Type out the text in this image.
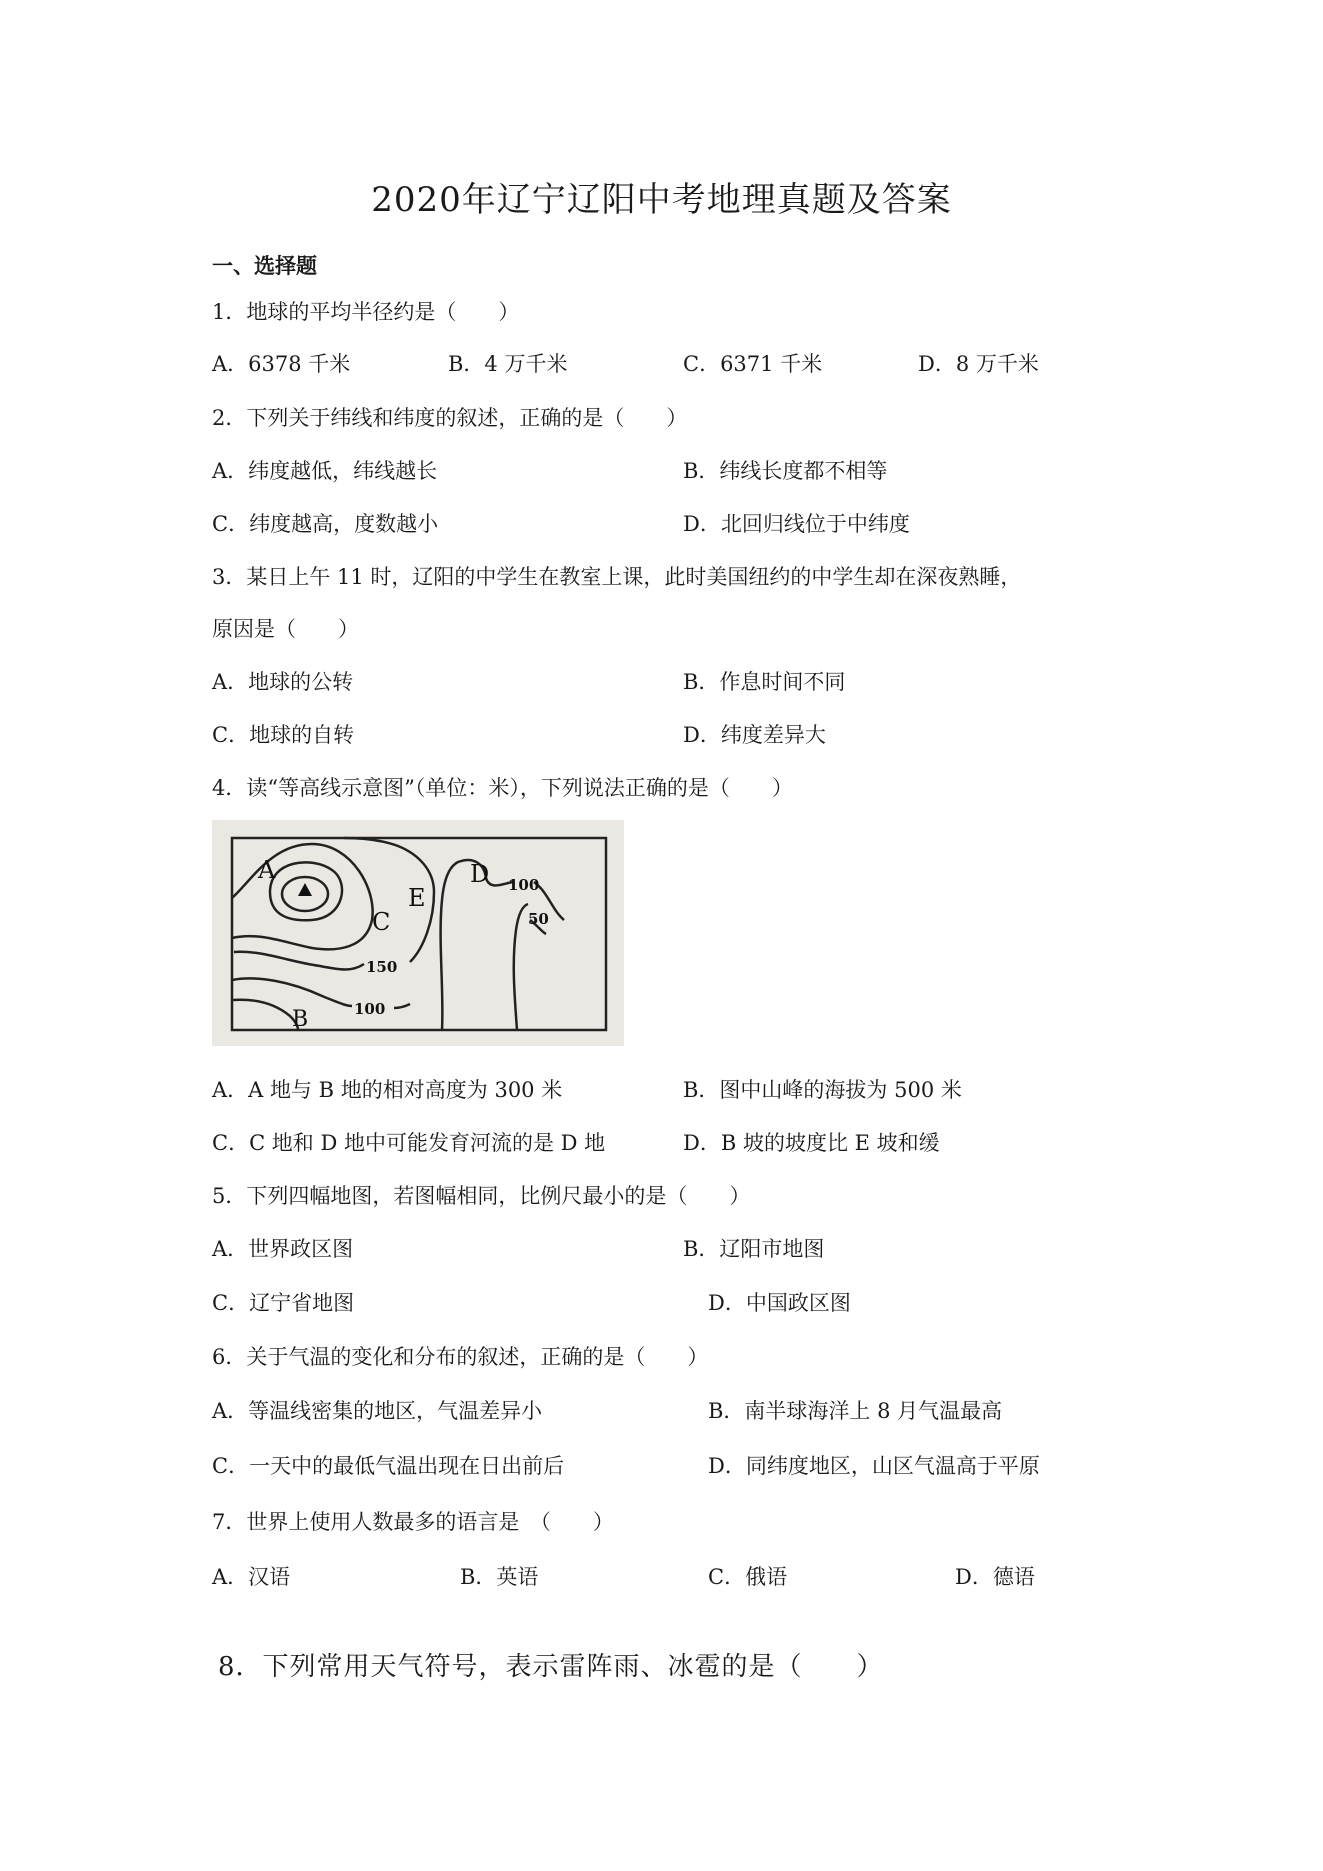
2020年辽宁辽阳中考地理真题及答案
一、选择题
1．地球的平均半径约是（　　）
A．6378 千米	B．4 万千米	C．6371 千米	D．8 万千米
2．下列关于纬线和纬度的叙述，正确的是（　　）
A．纬度越低，纬线越长	B．纬线长度都不相等
C．纬度越高，度数越小	D．北回归线位于中纬度
3．某日上午 11 时，辽阳的中学生在教室上课，此时美国纽约的中学生却在深夜熟睡，
原因是（　　）
A．地球的公转	B．作息时间不同
C．地球的自转	D．纬度差异大
4．读“等高线示意图”（单位：米），下列说法正确的是（　　）
A
C
E
D
B
150
100
100
50
A．A 地与 B 地的相对高度为 300 米	B．图中山峰的海拔为 500 米
C．C 地和 D 地中可能发育河流的是 D 地	D．B 坡的坡度比 E 坡和缓
5．下列四幅地图，若图幅相同，比例尺最小的是（　　）
A．世界政区图	B．辽阳市地图
C．辽宁省地图	D．中国政区图
6．关于气温的变化和分布的叙述，正确的是（　　）
A．等温线密集的地区，气温差异小	B．南半球海洋上 8 月气温最高
C．一天中的最低气温出现在日出前后	D．同纬度地区，山区气温高于平原
7．世界上使用人数最多的语言是　（　　）
A．汉语	B．英语	C．俄语	D．德语
8．下列常用天气符号，表示雷阵雨、冰雹的是（　　）
